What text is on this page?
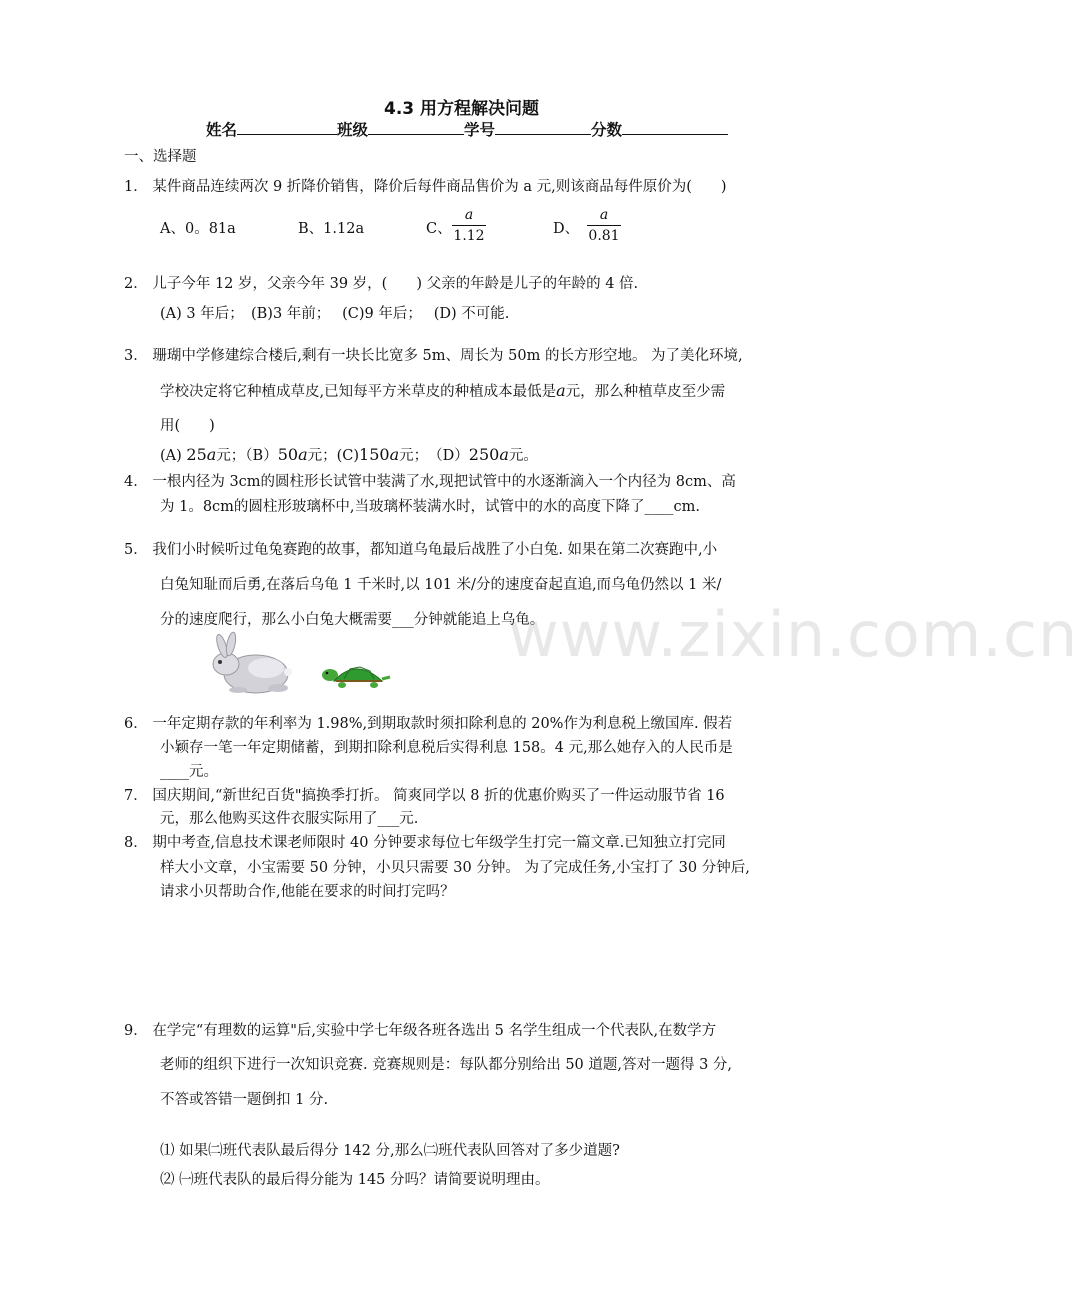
4.3 用方程解决问题
姓名	班级	学号	分数
一、选择题
1． 某件商品连续两次 9 折降价销售，降价后每件商品售价为 a 元,则该商品每件原价为(　　)
A、0。81a	B、1.12a	C、
a
1.12	D、
a
0.81
2． 儿子今年 12 岁，父亲今年 39 岁，(　　) 父亲的年龄是儿子的年龄的 4 倍.
(A) 3 年后；　(B)3 年前；　 (C)9 年后；　 (D) 不可能.
3． 珊瑚中学修建综合楼后,剩有一块长比宽多 5m、周长为 50m 的长方形空地。 为了美化环境,
学校决定将它种植成草皮,已知每平方米草皮的种植成本最低是a元，那么种植草皮至少需
用(　　)
(A) 25a元；（B）50a元；(C)150a元；　（D）250a元。
4． 一根内径为 3cm的圆柱形长试管中装满了水,现把试管中的水逐渐滴入一个内径为 8cm、高
为 1。8cm的圆柱形玻璃杯中,当玻璃杯装满水时，试管中的水的高度下降了____cm.
5． 我们小时候听过龟兔赛跑的故事，都知道乌龟最后战胜了小白兔. 如果在第二次赛跑中,小
白兔知耻而后勇,在落后乌龟 1 千米时,以 101 米/分的速度奋起直追,而乌龟仍然以 1 米/
分的速度爬行，那么小白兔大概需要___分钟就能追上乌龟。
www.zixin.com.cn
6． 一年定期存款的年利率为 1.98%,到期取款时须扣除利息的 20%作为利息税上缴国库. 假若
小颖存一笔一年定期储蓄，到期扣除利息税后实得利息 158。4 元,那么她存入的人民币是
____元。
7． 国庆期间,“新世纪百货"搞换季打折。 简爽同学以 8 折的优惠价购买了一件运动服节省 16
元，那么他购买这件衣服实际用了___元.
8． 期中考查,信息技术课老师限时 40 分钟要求每位七年级学生打完一篇文章.已知独立打完同
样大小文章，小宝需要 50 分钟，小贝只需要 30 分钟。 为了完成任务,小宝打了 30 分钟后,
请求小贝帮助合作,他能在要求的时间打完吗？
9． 在学完“有理数的运算"后,实验中学七年级各班各选出 5 名学生组成一个代表队,在数学方
老师的组织下进行一次知识竞赛. 竞赛规则是：每队都分别给出 50 道题,答对一题得 3 分,
不答或答错一题倒扣 1 分.
⑴ 如果㈡班代表队最后得分 142 分,那么㈡班代表队回答对了多少道题?
⑵ ㈠班代表队的最后得分能为 145 分吗？请简要说明理由。
